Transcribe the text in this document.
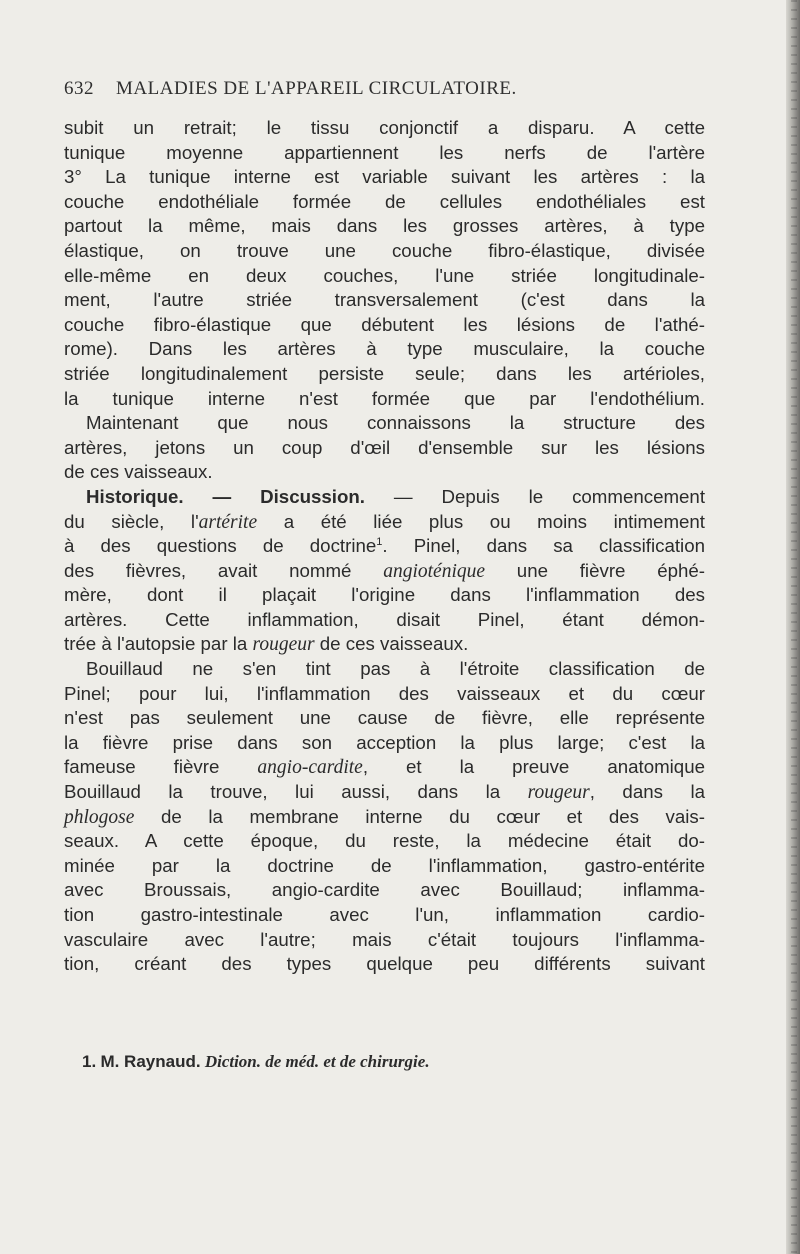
632 MALADIES DE L'APPAREIL CIRCULATOIRE.
subit un retrait; le tissu conjonctif a disparu. A cette
tunique moyenne appartiennent les nerfs de l'artère
3° La tunique interne est variable suivant les artères : la
couche endothéliale formée de cellules endothéliales est
partout la même, mais dans les grosses artères, à type
élastique, on trouve une couche fibro-élastique, divisée
elle-même en deux couches, l'une striée longitudinale-
ment, l'autre striée transversalement (c'est dans la
couche fibro-élastique que débutent les lésions de l'athé-
rome). Dans les artères à type musculaire, la couche
striée longitudinalement persiste seule; dans les artérioles,
la tunique interne n'est formée que par l'endothélium.
Maintenant que nous connaissons la structure des
artères, jetons un coup d'œil d'ensemble sur les lésions
de ces vaisseaux.
Historique. — Discussion. — Depuis le commencement
du siècle, l'artérite a été liée plus ou moins intimement
à des questions de doctrine$^1$. Pinel, dans sa classification
des fièvres, avait nommé angioténique une fièvre éphé-
mère, dont il plaçait l'origine dans l'inflammation des
artères. Cette inflammation, disait Pinel, étant démon-
trée à l'autopsie par la rougeur de ces vaisseaux.
Bouillaud ne s'en tint pas à l'étroite classification de
Pinel; pour lui, l'inflammation des vaisseaux et du cœur
n'est pas seulement une cause de fièvre, elle représente
la fièvre prise dans son acception la plus large; c'est la
fameuse fièvre angio-cardite, et la preuve anatomique
Bouillaud la trouve, lui aussi, dans la rougeur, dans la
phlogose de la membrane interne du cœur et des vais-
seaux. A cette époque, du reste, la médecine était do-
minée par la doctrine de l'inflammation, gastro-entérite
avec Broussais, angio-cardite avec Bouillaud; inflamma-
tion gastro-intestinale avec l'un, inflammation cardio-
vasculaire avec l'autre; mais c'était toujours l'inflamma-
tion, créant des types quelque peu différents suivant
1. M. Raynaud. Diction. de méd. et de chirurgie.
